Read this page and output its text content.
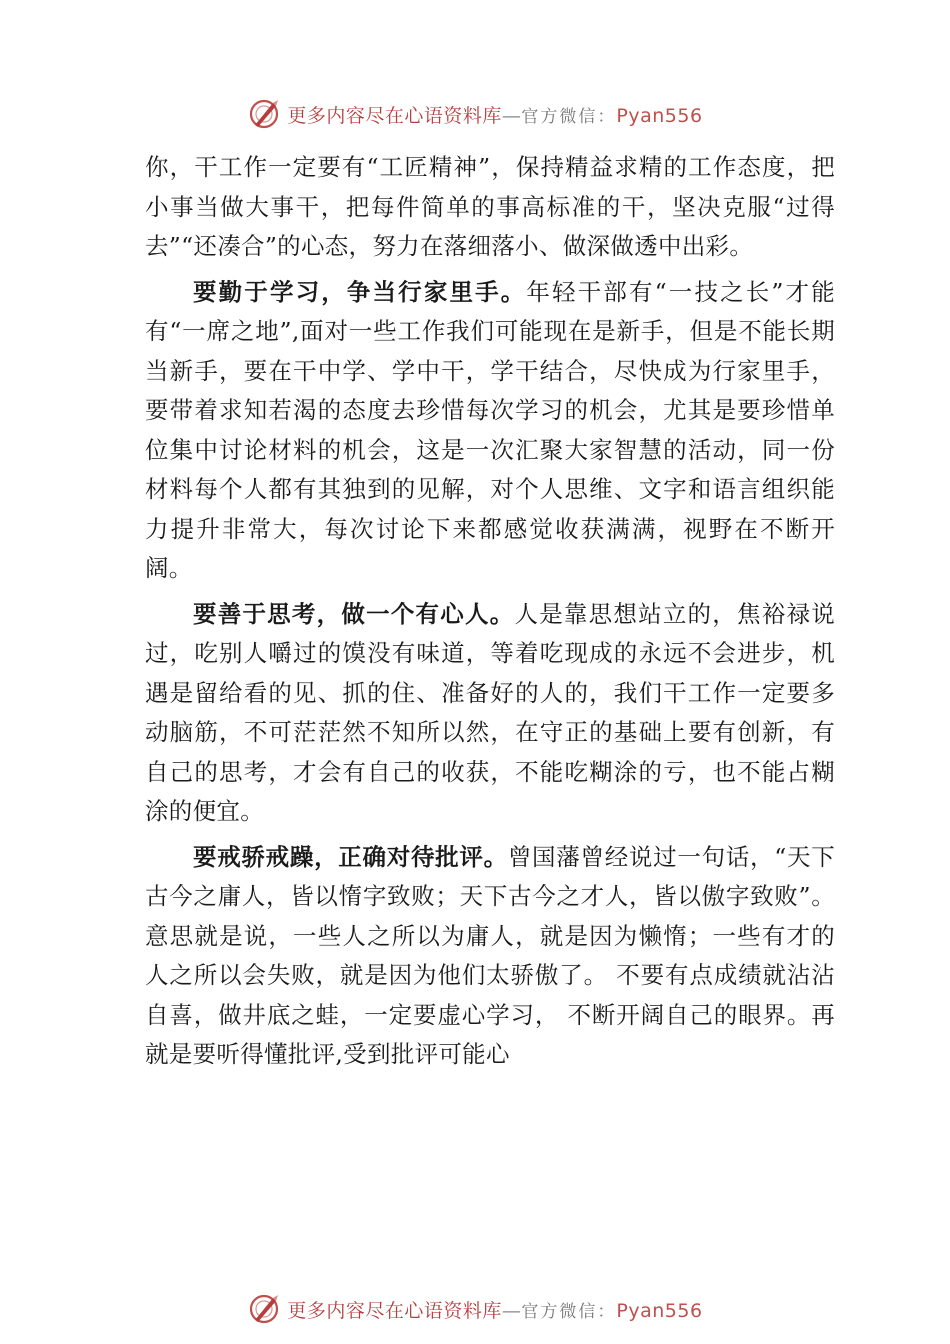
更多内容尽在心语资料库—官方微信：Pyan556

你，干工作一定要有“工匠精神”，保持精益求精的工作态度，把小事当做大事干，把每件简单的事高标准的干，坚决克服“过得去”“还凑合”的心态，努力在落细落小、做深做透中出彩。

要勤于学习，争当行家里手。年轻干部有“一技之长”才能有“一席之地”,面对一些工作我们可能现在是新手，但是不能长期当新手，要在干中学、学中干，学干结合，尽快成为行家里手，要带着求知若渴的态度去珍惜每次学习的机会，尤其是要珍惜单位集中讨论材料的机会，这是一次汇聚大家智慧的活动，同一份材料每个人都有其独到的见解，对个人思维、文字和语言组织能力提升非常大，每次讨论下来都感觉收获满满，视野在不断开阔。

要善于思考，做一个有心人。人是靠思想站立的，焦裕禄说过，吃别人嚼过的馍没有味道，等着吃现成的永远不会进步，机遇是留给看的见、抓的住、准备好的人的，我们干工作一定要多动脑筋，不可茫茫然不知所以然，在守正的基础上要有创新，有自己的思考，才会有自己的收获，不能吃糊涂的亏，也不能占糊涂的便宜。

要戒骄戒躁，正确对待批评。曾国藩曾经说过一句话，“天下古今之庸人，皆以惰字致败；天下古今之才人，皆以傲字致败”。意思就是说，一些人之所以为庸人，就是因为懒惰；一些有才的人之所以会失败，就是因为他们太骄傲了。 不要有点成绩就沾沾自喜，做井底之蛙，一定要虚心学习， 不断开阔自己的眼界。再就是要听得懂批评,受到批评可能心

更多内容尽在心语资料库—官方微信：Pyan556
